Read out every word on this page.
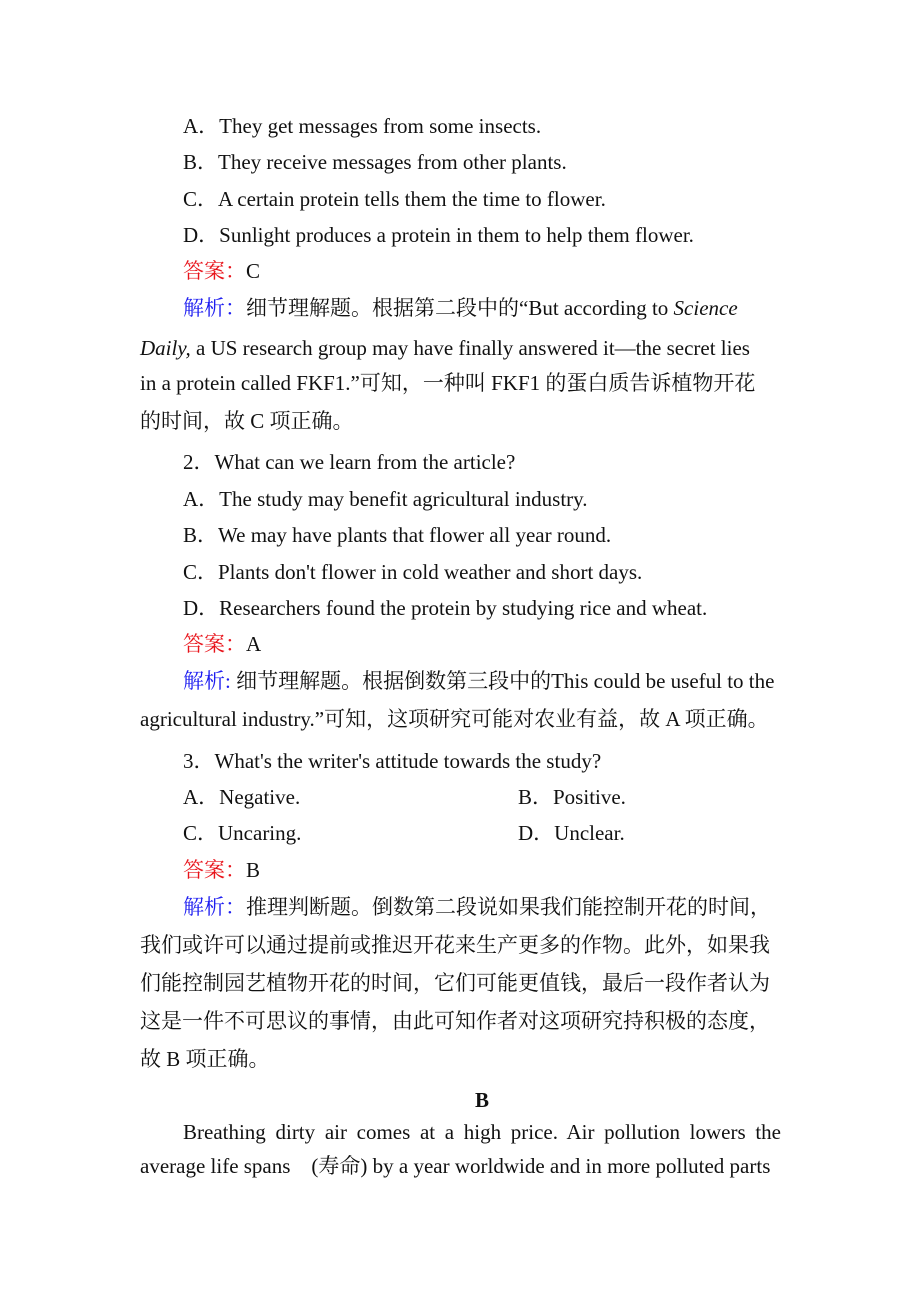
A．They get messages from some insects.
B．They receive messages from other plants.
C．A certain protein tells them the time to flower.
D．Sunlight produces a protein in them to help them flower.
答案：C
解析：细节理解题。根据第二段中的“But according to Science
Daily, a US research group may have finally answered it—the secret lies
in a protein called FKF1.”可知，一种叫 FKF1 的蛋白质告诉植物开花
的时间，故 C 项正确。
2．What can we learn from the article?
A．The study may benefit agricultural industry.
B．We may have plants that flower all year round.
C．Plants don't flower in cold weather and short days.
D．Researchers found the protein by studying rice and wheat.
答案：A
解析: 细节理解题。根据倒数第三段中的This could be useful to the
agricultural industry.”可知，这项研究可能对农业有益，故 A 项正确。
3．What's the writer's attitude towards the study?
A．Negative.	B．Positive.
C．Uncaring.	D．Unclear.
答案：B
解析：推理判断题。倒数第二段说如果我们能控制开花的时间，
我们或许可以通过提前或推迟开花来生产更多的作物。此外，如果我
们能控制园艺植物开花的时间，它们可能更值钱，最后一段作者认为
这是一件不可思议的事情，由此可知作者对这项研究持积极的态度，
故 B 项正确。
B
Breathing dirty air comes at a high price. Air pollution lowers the
average life spans　(寿命) by a year worldwide and in more polluted parts
